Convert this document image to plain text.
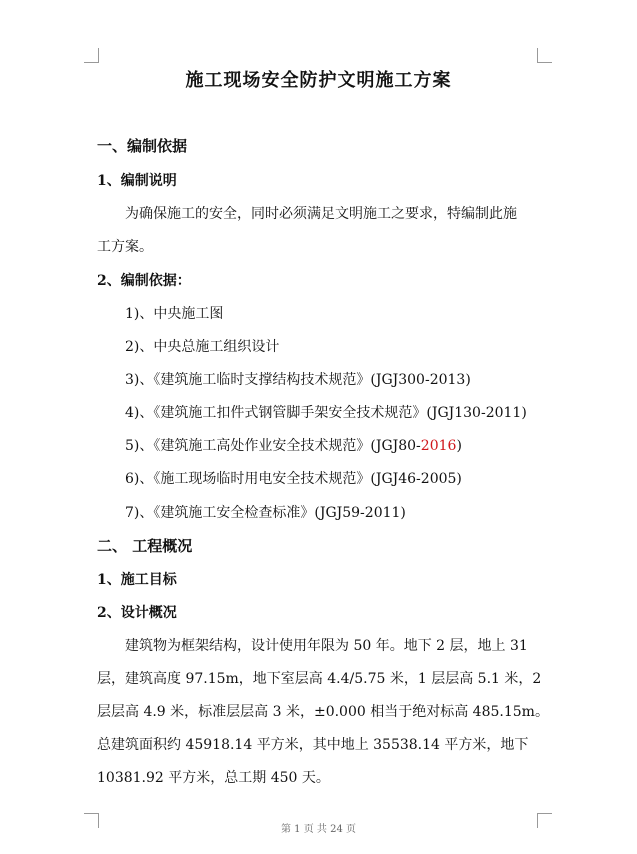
施工现场安全防护文明施工方案
一、编制依据
1、编制说明
为确保施工的安全，同时必须满足文明施工之要求，特编制此施
工方案。
2、编制依据：
1)、中央施工图
2)、中央总施工组织设计
3)、《建筑施工临时支撑结构技术规范》(JGJ300-2013)
4)、《建筑施工扣件式钢管脚手架安全技术规范》(JGJ130-2011)
5)、《建筑施工高处作业安全技术规范》(JGJ80-2016)
6)、《施工现场临时用电安全技术规范》(JGJ46-2005)
7)、《建筑施工安全检查标准》(JGJ59-2011)
二、 工程概况
1、施工目标
2、设计概况
建筑物为框架结构，设计使用年限为 50 年。地下 2 层，地上 31
层，建筑高度 97.15m，地下室层高 4.4/5.75 米，1 层层高 5.1 米，2
层层高 4.9 米，标准层层高 3 米，±0.000 相当于绝对标高 485.15m。
总建筑面积约 45918.14 平方米，其中地上 35538.14 平方米，地下
10381.92 平方米，总工期 450 天。
第 1 页 共 24 页
